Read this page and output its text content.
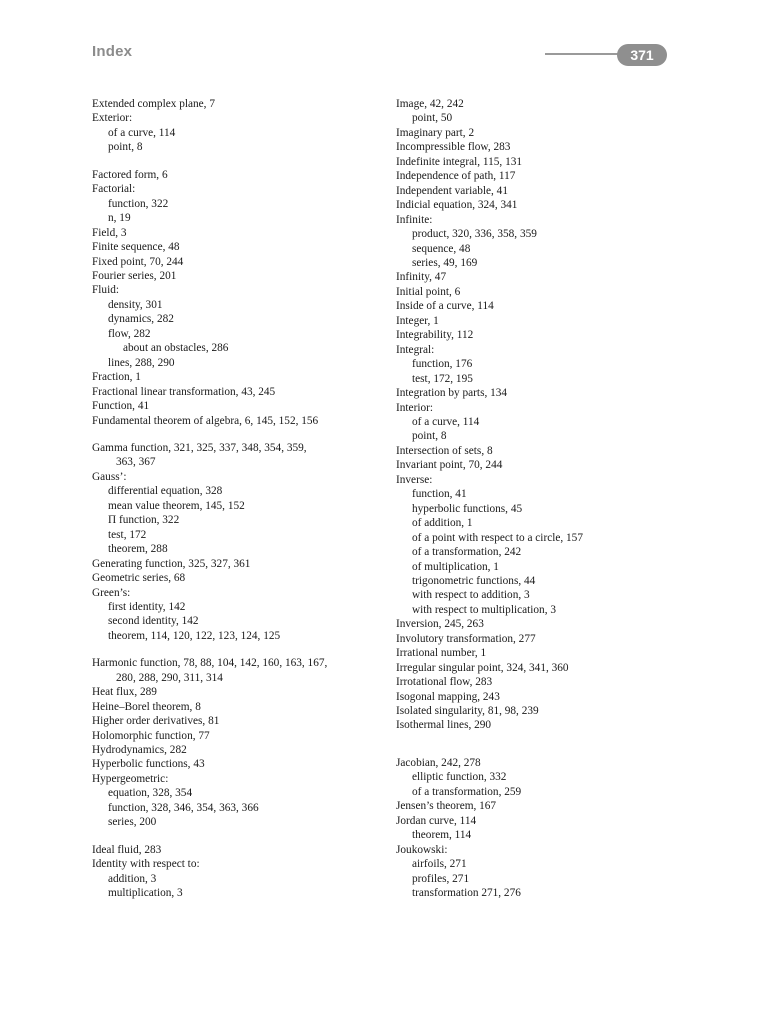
Index	371

Extended complex plane, 7

Exterior:

of a curve, 114

point, 8

Factored form, 6

Factorial:

function, 322

n, 19

Field, 3

Finite sequence, 48

Fixed point, 70, 244

Fourier series, 201

Fluid:

density, 301

dynamics, 282

flow, 282

about an obstacles, 286

lines, 288, 290

Fraction, 1

Fractional linear transformation, 43, 245

Function, 41

Fundamental theorem of algebra, 6, 145, 152, 156

Gamma function, 321, 325, 337, 348, 354, 359,

363, 367

Gauss’:

differential equation, 328

mean value theorem, 145, 152

Π function, 322

test, 172

theorem, 288

Generating function, 325, 327, 361

Geometric series, 68

Green’s:

first identity, 142

second identity, 142

theorem, 114, 120, 122, 123, 124, 125

Harmonic function, 78, 88, 104, 142, 160, 163, 167,

280, 288, 290, 311, 314

Heat flux, 289

Heine–Borel theorem, 8

Higher order derivatives, 81

Holomorphic function, 77

Hydrodynamics, 282

Hyperbolic functions, 43

Hypergeometric:

equation, 328, 354

function, 328, 346, 354, 363, 366

series, 200

Ideal fluid, 283

Identity with respect to:

addition, 3

multiplication, 3

Image, 42, 242

point, 50

Imaginary part, 2

Incompressible flow, 283

Indefinite integral, 115, 131

Independence of path, 117

Independent variable, 41

Indicial equation, 324, 341

Infinite:

product, 320, 336, 358, 359

sequence, 48

series, 49, 169

Infinity, 47

Initial point, 6

Inside of a curve, 114

Integer, 1

Integrability, 112

Integral:

function, 176

test, 172, 195

Integration by parts, 134

Interior:

of a curve, 114

point, 8

Intersection of sets, 8

Invariant point, 70, 244

Inverse:

function, 41

hyperbolic functions, 45

of addition, 1

of a point with respect to a circle, 157

of a transformation, 242

of multiplication, 1

trigonometric functions, 44

with respect to addition, 3

with respect to multiplication, 3

Inversion, 245, 263

Involutory transformation, 277

Irrational number, 1

Irregular singular point, 324, 341, 360

Irrotational flow, 283

Isogonal mapping, 243

Isolated singularity, 81, 98, 239

Isothermal lines, 290

Jacobian, 242, 278

elliptic function, 332

of a transformation, 259

Jensen’s theorem, 167

Jordan curve, 114

theorem, 114

Joukowski:

airfoils, 271

profiles, 271

transformation 271, 276
